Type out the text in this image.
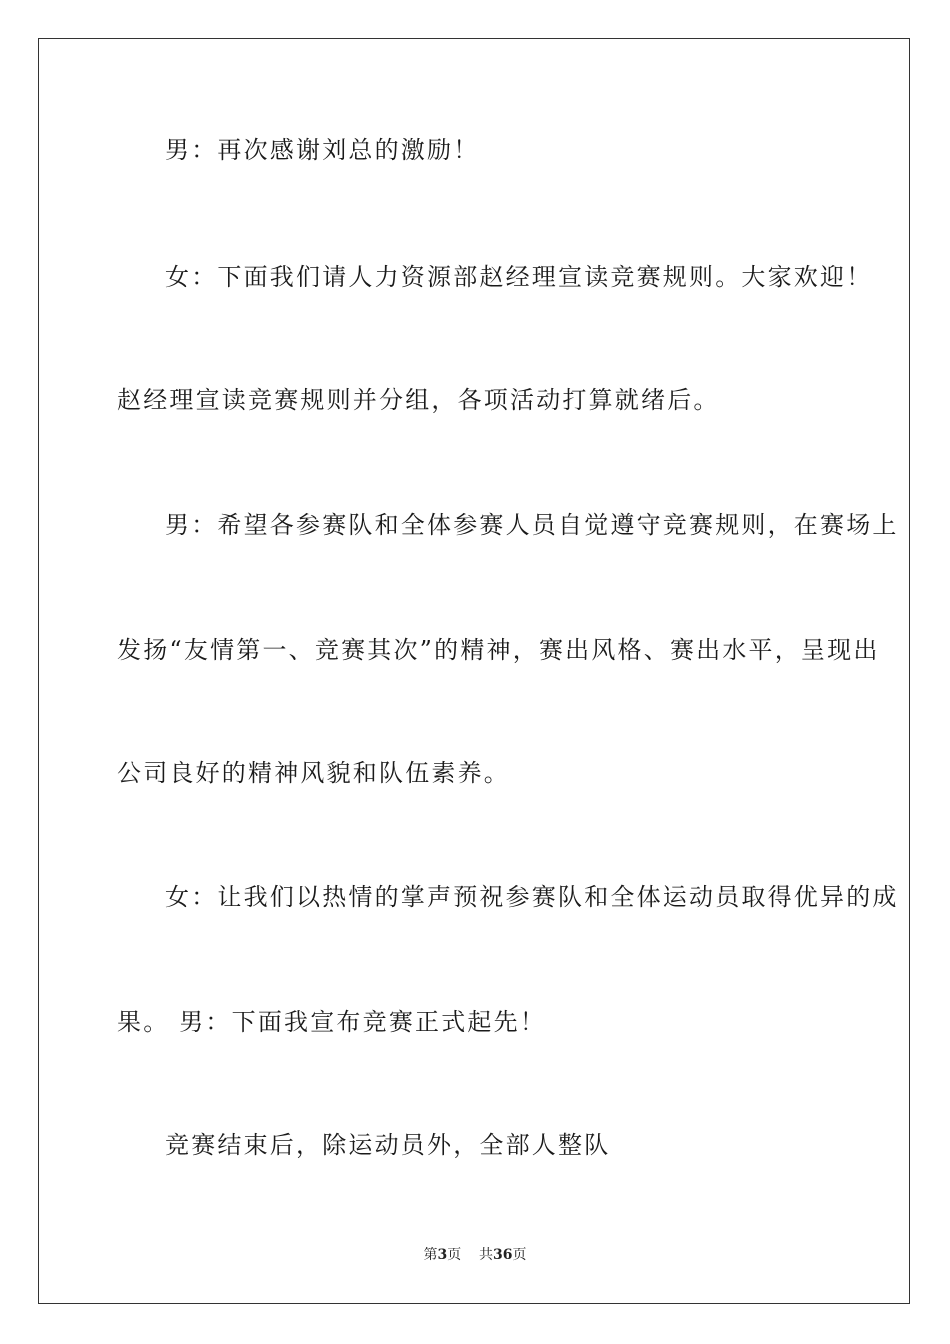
男：再次感谢刘总的激励！
女：下面我们请人力资源部赵经理宣读竞赛规则。大家欢迎！
赵经理宣读竞赛规则并分组，各项活动打算就绪后。
男：希望各参赛队和全体参赛人员自觉遵守竞赛规则，在赛场上
发扬“友情第一、竞赛其次”的精神，赛出风格、赛出水平，呈现出
公司良好的精神风貌和队伍素养。
女：让我们以热情的掌声预祝参赛队和全体运动员取得优异的成
果。 男：下面我宣布竞赛正式起先！
竞赛结束后，除运动员外，全部人整队
第3页 共36页
